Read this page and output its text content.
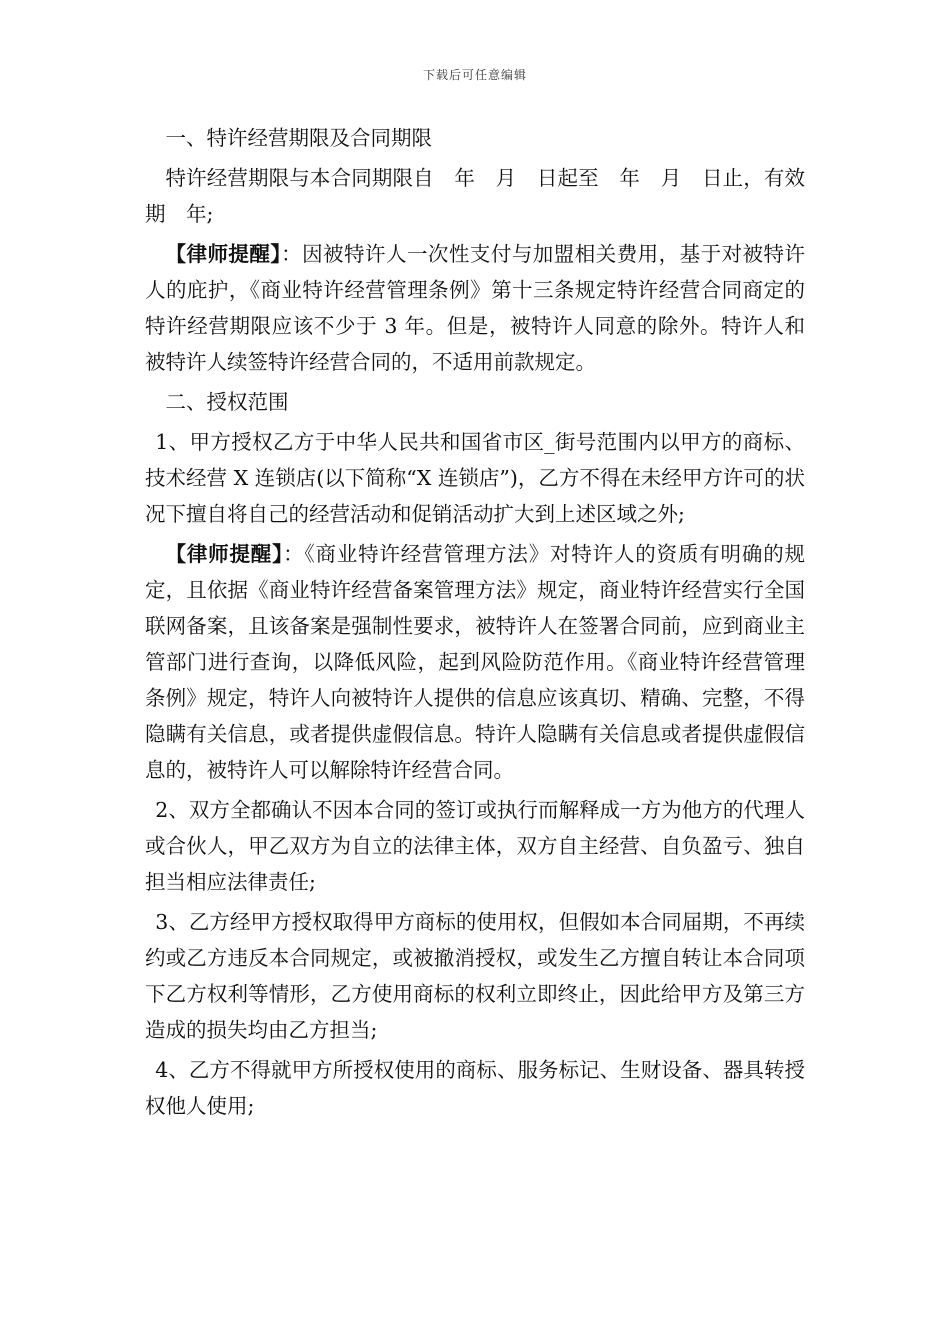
下载后可任意编辑

一、特许经营期限及合同期限

特许经营期限与本合同期限自　年　月　日起至　年　月　日止，有效期　年;

【律师提醒】：因被特许人一次性支付与加盟相关费用，基于对被特许人的庇护，《商业特许经营管理条例》第十三条规定特许经营合同商定的特许经营期限应该不少于 3 年。但是，被特许人同意的除外。特许人和被特许人续签特许经营合同的，不适用前款规定。

二、授权范围

1、甲方授权乙方于中华人民共和国省市区_街号范围内以甲方的商标、技术经营 X 连锁店(以下简称“X 连锁店”)，乙方不得在未经甲方许可的状况下擅自将自己的经营活动和促销活动扩大到上述区域之外;

【律师提醒】：《商业特许经营管理方法》对特许人的资质有明确的规定，且依据《商业特许经营备案管理方法》规定，商业特许经营实行全国联网备案，且该备案是强制性要求，被特许人在签署合同前，应到商业主管部门进行查询，以降低风险，起到风险防范作用。《商业特许经营管理条例》规定，特许人向被特许人提供的信息应该真切、精确、完整，不得隐瞒有关信息，或者提供虚假信息。特许人隐瞒有关信息或者提供虚假信息的，被特许人可以解除特许经营合同。

2、双方全都确认不因本合同的签订或执行而解释成一方为他方的代理人或合伙人，甲乙双方为自立的法律主体，双方自主经营、自负盈亏、独自担当相应法律责任;

3、乙方经甲方授权取得甲方商标的使用权，但假如本合同届期，不再续约或乙方违反本合同规定，或被撤消授权，或发生乙方擅自转让本合同项下乙方权利等情形，乙方使用商标的权利立即终止，因此给甲方及第三方造成的损失均由乙方担当;

4、乙方不得就甲方所授权使用的商标、服务标记、生财设备、器具转授权他人使用;
